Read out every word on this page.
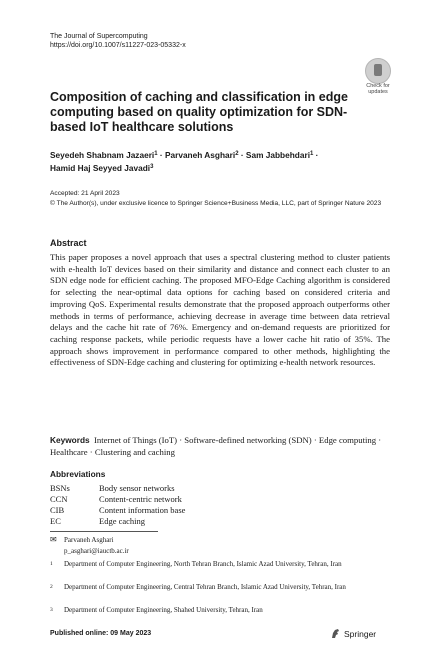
The Journal of Supercomputing
https://doi.org/10.1007/s11227-023-05332-x
Check for
updates
Composition of caching and classification in edge computing based on quality optimization for SDN-based IoT healthcare solutions
Seyedeh Shabnam Jazaeri$^1$ · Parvaneh Asghari$^2$ · Sam Jabbehdari$^1$ ·
Hamid Haj Seyyed Javadi$^3$
Accepted: 21 April 2023
© The Author(s), under exclusive licence to Springer Science+Business Media, LLC, part of Springer Nature 2023
Abstract
This paper proposes a novel approach that uses a spectral clustering method to cluster patients with e-health IoT devices based on their similarity and distance and connect each cluster to an SDN edge node for efficient caching. The proposed MFO-Edge Caching algorithm is considered for selecting the near-optimal data options for caching based on considered criteria and improving QoS. Experimental results demonstrate that the proposed approach outperforms other methods in terms of performance, achieving decrease in average time between data retrieval delays and the cache hit rate of 76%. Emergency and on-demand requests are prioritized for caching response packets, while periodic requests have a lower cache hit ratio of 35%. The approach shows improvement in performance compared to other methods, highlighting the effectiveness of SDN-Edge caching and clustering for optimizing e-health network resources.
Keywords Internet of Things (IoT) · Software-defined networking (SDN) · Edge computing · Healthcare · Clustering and caching
Abbreviations
BSNs	Body sensor networks
CCN	Content-centric network
CIB	Content information base
EC	Edge caching
✉ Parvaneh Asghari
p_asghari@iauctb.ac.ir
1 Department of Computer Engineering, North Tehran Branch, Islamic Azad University, Tehran, Iran
2 Department of Computer Engineering, Central Tehran Branch, Islamic Azad University, Tehran, Iran
3 Department of Computer Engineering, Shahed University, Tehran, Iran
Published online: 09 May 2023	Springer
